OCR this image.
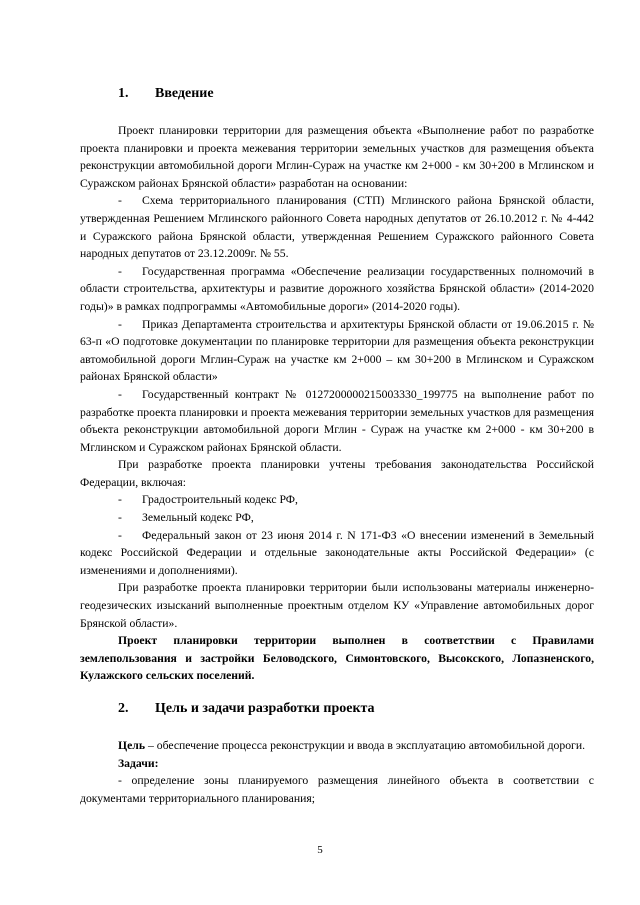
1. Введение

Проект планировки территории для размещения объекта «Выполнение работ по разработке проекта планировки и проекта межевания территории земельных участков для размещения объекта реконструкции автомобильной дороги Мглин-Сураж на участке км 2+000 - км 30+200 в Мглинском и Суражском районах Брянской области» разработан на основании:

- Схема территориального планирования (СТП) Мглинского района Брянской области, утвержденная Решением Мглинского районного Совета народных депутатов от 26.10.2012 г. № 4-442 и Суражского района Брянской области, утвержденная Решением Суражского районного Совета народных депутатов от 23.12.2009г. № 55.

- Государственная программа «Обеспечение реализации государственных полномочий в области строительства, архитектуры и развитие дорожного хозяйства Брянской области» (2014-2020 годы)» в рамках подпрограммы «Автомобильные дороги» (2014-2020 годы).

- Приказ Департамента строительства и архитектуры Брянской области от 19.06.2015 г. № 63-п «О подготовке документации по планировке территории для размещения объекта реконструкции автомобильной дороги Мглин-Сураж на участке км 2+000 – км 30+200 в Мглинском и Суражском районах Брянской области»

- Государственный контракт № 0127200000215003330_199775 на выполнение работ по разработке проекта планировки и проекта межевания территории земельных участков для размещения объекта реконструкции автомобильной дороги Мглин - Сураж на участке км 2+000 - км 30+200 в Мглинском и Суражском районах Брянской области.

При разработке проекта планировки учтены требования законодательства Российской Федерации, включая:

- Градостроительный кодекс РФ,

- Земельный кодекс РФ,

- Федеральный закон от 23 июня 2014 г. N 171-ФЗ «О внесении изменений в Земельный кодекс Российской Федерации и отдельные законодательные акты Российской Федерации» (с изменениями и дополнениями).

При разработке проекта планировки территории были использованы материалы инженерно-геодезических изысканий выполненные проектным отделом КУ «Управление автомобильных дорог Брянской области».

Проект планировки территории выполнен в соответствии с Правилами землепользования и застройки Беловодского, Симонтовского, Высокского, Лопазненского, Кулажского сельских поселений.

2. Цель и задачи разработки проекта

Цель – обеспечение процесса реконструкции и ввода в эксплуатацию автомобильной дороги.

Задачи:

- определение зоны планируемого размещения линейного объекта в соответствии с документами территориального планирования;

5
